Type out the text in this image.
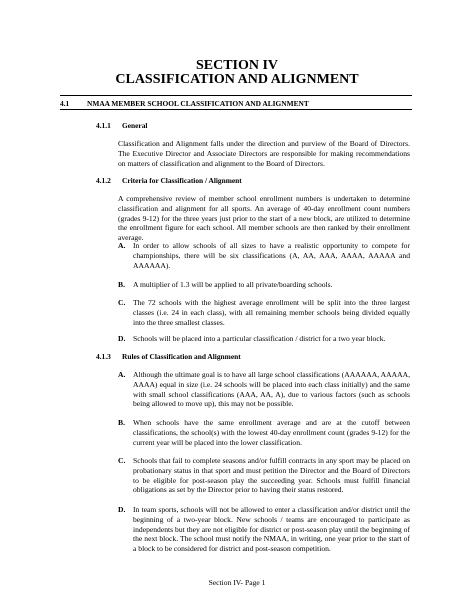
SECTION IV
CLASSIFICATION AND ALIGNMENT
4.1 NMAA MEMBER SCHOOL CLASSIFICATION AND ALIGNMENT
4.1.1 General
Classification and Alignment falls under the direction and purview of the Board of Directors. The Executive Director and Associate Directors are responsible for making recommendations on matters of classification and alignment to the Board of Directors.
4.1.2 Criteria for Classification / Alignment
A comprehensive review of member school enrollment numbers is undertaken to determine classification and alignment for all sports. An average of 40-day enrollment count numbers (grades 9-12) for the three years just prior to the start of a new block, are utilized to determine the enrollment figure for each school. All member schools are then ranked by their enrollment average.
A. In order to allow schools of all sizes to have a realistic opportunity to compete for championships, there will be six classifications (A, AA, AAA, AAAA, AAAAA and AAAAAA).
B. A multiplier of 1.3 will be applied to all private/boarding schools.
C. The 72 schools with the highest average enrollment will be split into the three largest classes (i.e. 24 in each class), with all remaining member schools being divided equally into the three smallest classes.
D. Schools will be placed into a particular classification / district for a two year block.
4.1.3 Rules of Classification and Alignment
A. Although the ultimate goal is to have all large school classifications (AAAAAA, AAAAA, AAAA) equal in size (i.e. 24 schools will be placed into each class initially) and the same with small school classifications (AAA, AA, A), due to various factors (such as schools being allowed to move up), this may not be possible.
B. When schools have the same enrollment average and are at the cutoff between classifications, the school(s) with the lowest 40-day enrollment count (grades 9-12) for the current year will be placed into the lower classification.
C. Schools that fail to complete seasons and/or fulfill contracts in any sport may be placed on probationary status in that sport and must petition the Director and the Board of Directors to be eligible for post-season play the succeeding year. Schools must fulfill financial obligations as set by the Director prior to having their status restored.
D. In team sports, schools will not be allowed to enter a classification and/or district until the beginning of a two-year block. New schools / teams are encouraged to participate as independents but they are not eligible for district or post-season play until the beginning of the next block. The school must notify the NMAA, in writing, one year prior to the start of a block to be considered for district and post-season competition.
Section IV- Page 1
